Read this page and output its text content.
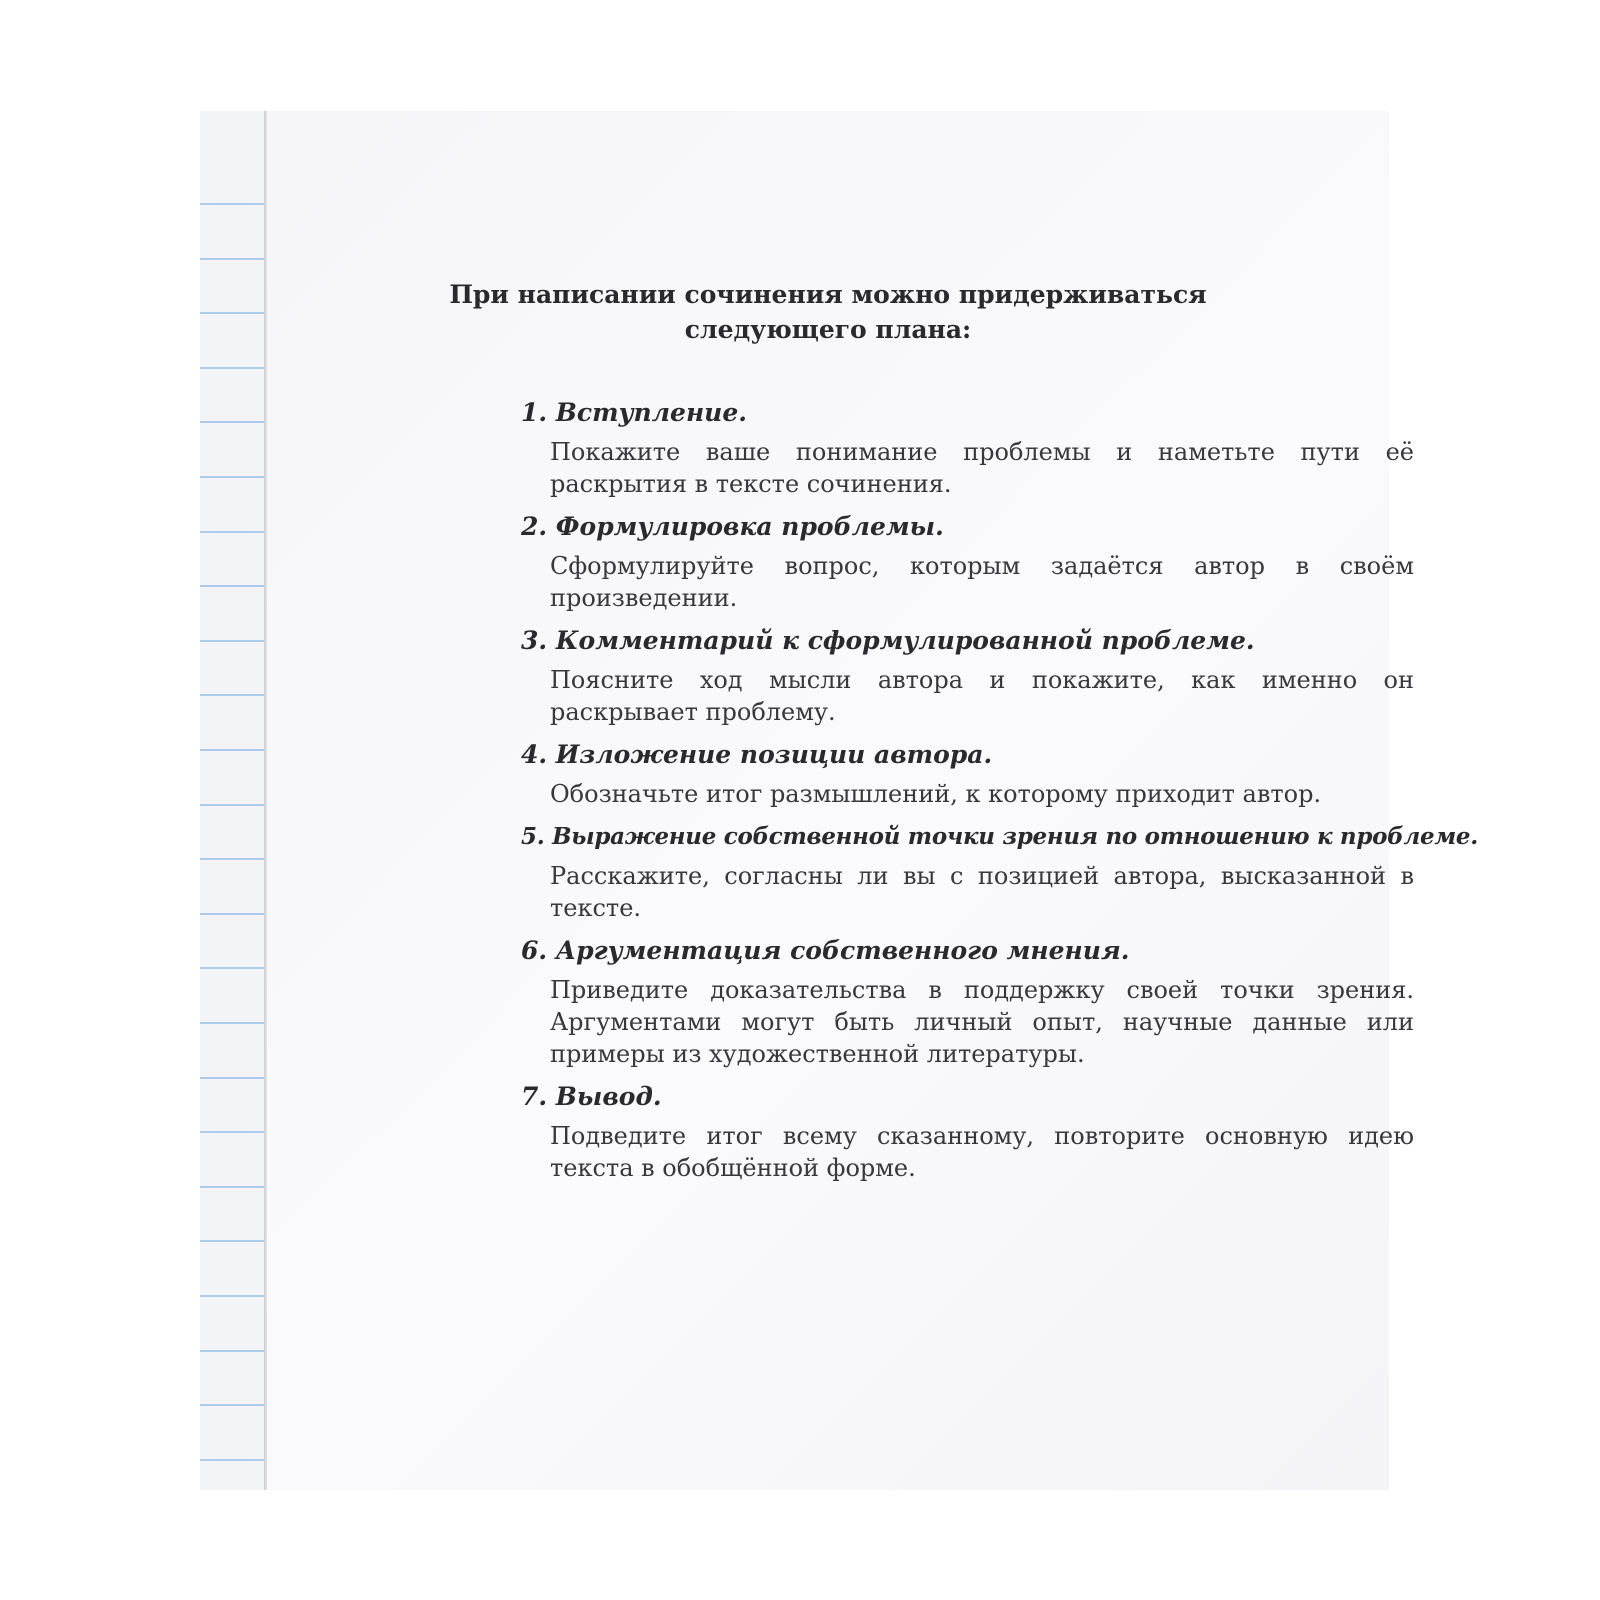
При написании сочинения можно придерживаться
следующего плана:
1. Вступление.
Покажите ваше понимание проблемы и наметьте пути её раскрытия в тексте сочинения.
2. Формулировка проблемы.
Сформулируйте вопрос, которым задаётся автор в своём произведении.
3. Комментарий к сформулированной проблеме.
Поясните ход мысли автора и покажите, как именно он раскрывает проблему.
4. Изложение позиции автора.
Обозначьте итог размышлений, к которому приходит автор.
5. Выражение собственной точки зрения по отношению к проблеме.
Расскажите, согласны ли вы с позицией автора, высказанной в тексте.
6. Аргументация собственного мнения.
Приведите доказательства в поддержку своей точки зрения. Аргументами могут быть личный опыт, научные данные или примеры из художественной литературы.
7. Вывод.
Подведите итог всему сказанному, повторите основную идею текста в обобщённой форме.
